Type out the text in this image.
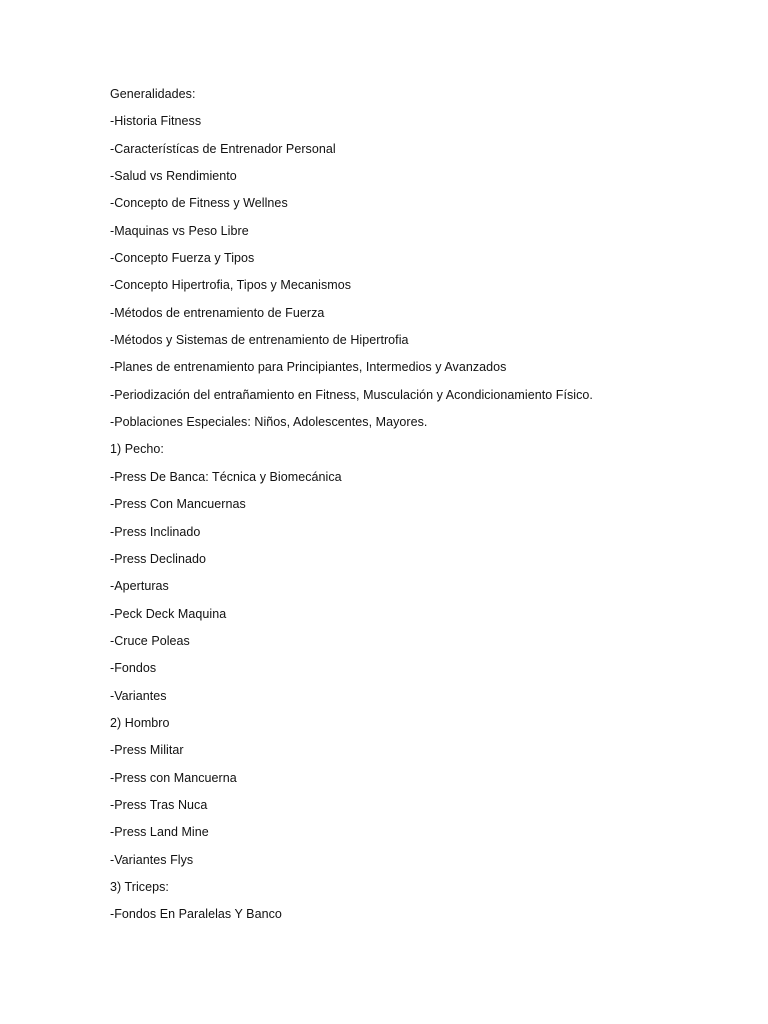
Generalidades:
-Historia Fitness
-Característícas de Entrenador Personal
-Salud vs Rendimiento
-Concepto de Fitness y Wellnes
-Maquinas vs Peso Libre
-Concepto Fuerza y Tipos
-Concepto Hipertrofia, Tipos y Mecanismos
-Métodos de entrenamiento de Fuerza
-Métodos y Sistemas de entrenamiento de Hipertrofia
-Planes de entrenamiento para Principiantes, Intermedios y Avanzados
-Periodización del entrañamiento en Fitness, Musculación y Acondicionamiento Físico.
-Poblaciones Especiales: Niños, Adolescentes, Mayores.
1) Pecho:
-Press De Banca: Técnica y Biomecánica
-Press Con Mancuernas
-Press Inclinado
-Press Declinado
-Aperturas
-Peck Deck Maquina
-Cruce Poleas
-Fondos
-Variantes
2) Hombro
-Press Militar
-Press con Mancuerna
-Press Tras Nuca
-Press Land Mine
-Variantes Flys
3) Triceps:
-Fondos En Paralelas Y Banco
